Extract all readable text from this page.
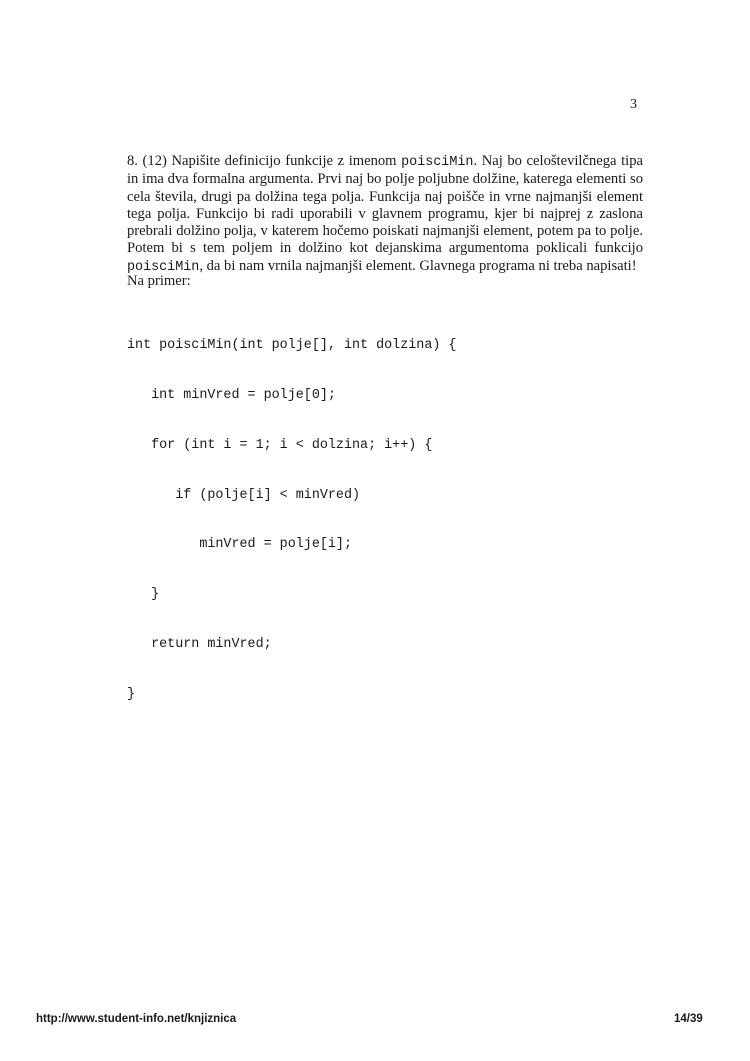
3
8. (12) Napišite definicijo funkcije z imenom poisciMin. Naj bo celoštevilčnega tipa
in ima dva formalna argumenta. Prvi naj bo polje poljubne dolžine, katerega elementi so
cela števila, drugi pa dolžina tega polja. Funkcija naj poišče in vrne najmanjši element
tega polja. Funkcijo bi radi uporabili v glavnem programu, kjer bi najprej z zaslona
prebrali dolžino polja, v katerem hočemo poiskati najmanjši element, potem pa to polje.
Potem bi s tem poljem in dolžino kot dejanskima argumentoma poklicali funkcijo
poisciMin, da bi nam vrnila najmanjši element. Glavnega programa ni treba napisati!
Na primer:

int poisciMin(int polje[], int dolzina) {

int minVred = polje[0];

for (int i = 1; i < dolzina; i++) {

if (polje[i] < minVred)

minVred = polje[i];

}

return minVred;

}

http://www.student-info.net/knjiznica	14/39
